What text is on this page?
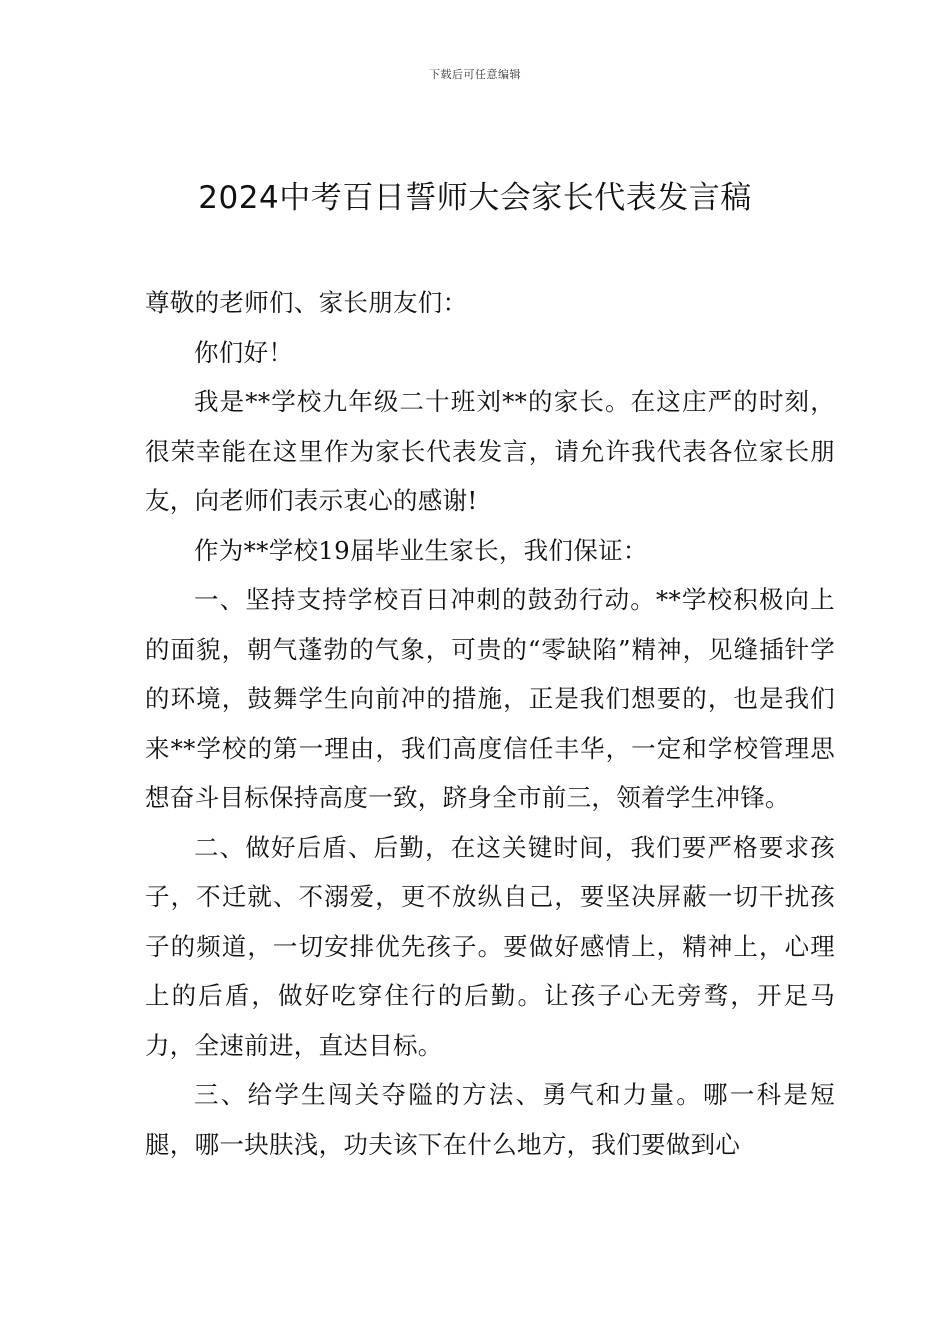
下载后可任意编辑
2024中考百日誓师大会家长代表发言稿

尊敬的老师们、家长朋友们：

你们好！

我是**学校九年级二十班刘**的家长。在这庄严的时刻，很荣幸能在这里作为家长代表发言，请允许我代表各位家长朋友，向老师们表示衷心的感谢!

作为**学校19届毕业生家长，我们保证：

一、坚持支持学校百日冲刺的鼓劲行动。**学校积极向上的面貌，朝气蓬勃的气象，可贵的“零缺陷”精神，见缝插针学的环境，鼓舞学生向前冲的措施，正是我们想要的，也是我们来**学校的第一理由，我们高度信任丰华，一定和学校管理思想奋斗目标保持高度一致，跻身全市前三，领着学生冲锋。

二、做好后盾、后勤，在这关键时间，我们要严格要求孩子，不迁就、不溺爱，更不放纵自己，要坚决屏蔽一切干扰孩子的频道，一切安排优先孩子。要做好感情上，精神上，心理上的后盾，做好吃穿住行的后勤。让孩子心无旁骛，开足马力，全速前进，直达目标。

三、给学生闯关夺隘的方法、勇气和力量。哪一科是短腿，哪一块肤浅，功夫该下在什么地方，我们要做到心
